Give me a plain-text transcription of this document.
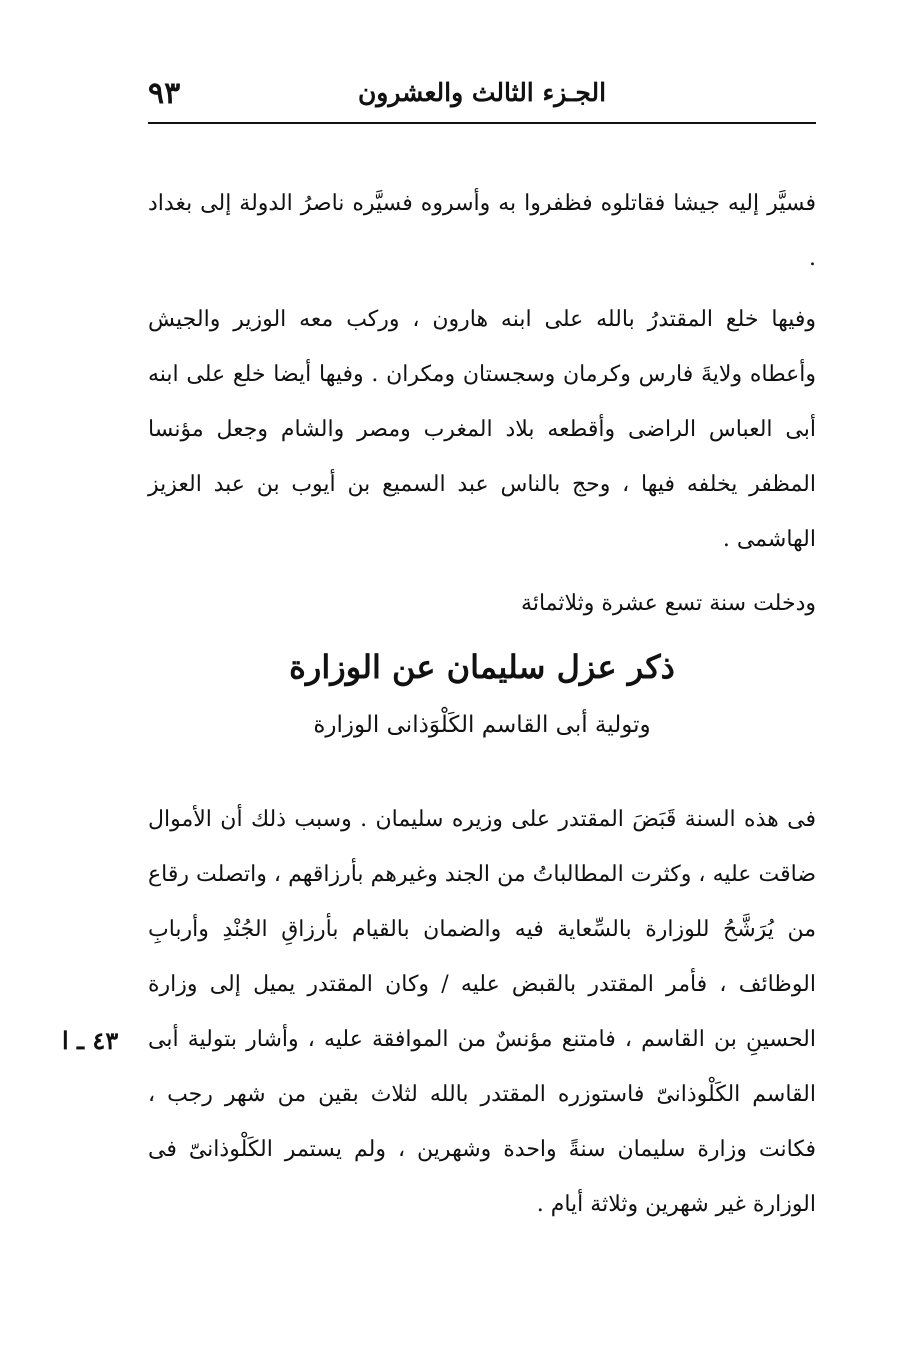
الجـزء الثالث والعشرون
٩٣

فسيَّر إليه جيشا فقاتلوه فظفروا به وأسروه فسيَّره ناصرُ الدولة إلى بغداد .

وفيها خلع المقتدرُ بالله على ابنه هارون ، وركب معه الوزير والجيش وأعطاه ولايةَ فارس وكرمان وسجستان ومكران . وفيها أيضا خلع على ابنه أبى العباس الراضى وأقطعه بلاد المغرب ومصر والشام وجعل مؤنسا المظفر يخلفه فيها ، وحج بالناس عبد السميع بن أيوب بن عبد العزيز الهاشمى .

ودخلت سنة تسع عشرة وثلاثمائة

ذكر عزل سليمان عن الوزارة
وتولية أبى القاسم الكَلْوَذانى الوزارة

فى هذه السنة قَبَضَ المقتدر على وزيره سليمان . وسبب ذلك أن الأموال ضاقت عليه ، وكثرت المطالباتُ من الجند وغيرهم بأرزاقهم ، واتصلت رقاع من يُرَشَّحُ للوزارة بالسِّعاية فيه والضمان بالقيام بأرزاقِ الجُنْدِ وأربابِ الوظائف ، فأمر المقتدر بالقبض عليه / وكان المقتدر يميل إلى وزارة الحسينِ بن القاسم ، فامتنع مؤنسٌ من الموافقة عليه ، وأشار بتولية أبى القاسم الكَلْوذانىّ فاستوزره المقتدر بالله لثلاث بقين من شهر رجب ، فكانت وزارة سليمان سنةً واحدة وشهرين ، ولم يستمر الكَلْوذانىّ فى الوزارة غير شهرين وثلاثة أيام .

٤٣ ـ ا
